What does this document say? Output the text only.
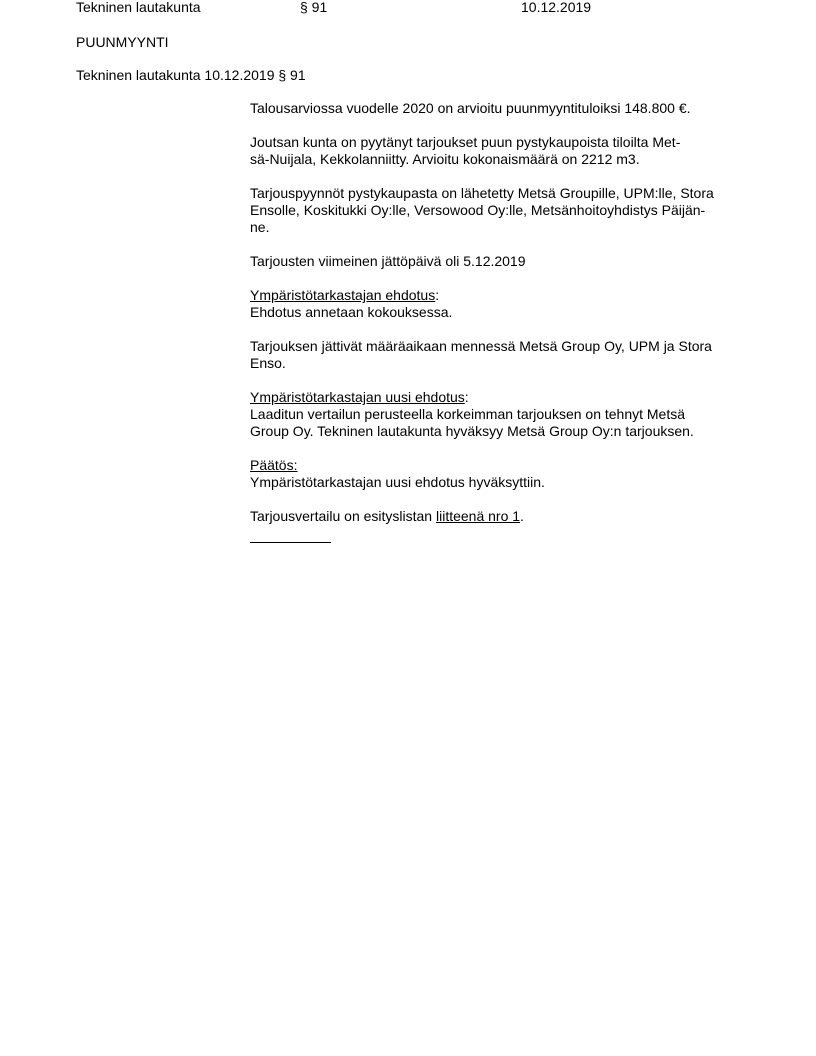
Tekninen lautakunta	§ 91	10.12.2019
PUUNMYYNTI
Tekninen lautakunta 10.12.2019 § 91

Talousarviossa vuodelle 2020 on arvioitu puunmyyntituloiksi 148.800 €.

Joutsan kunta on pyytänyt tarjoukset puun pystykaupoista tiloilta Met-
sä-Nuijala, Kekkolanniitty. Arvioitu kokonaismäärä on 2212 m3.

Tarjouspyynnöt pystykaupasta on lähetetty Metsä Groupille, UPM:lle, Stora
Ensolle, Koskitukki Oy:lle, Versowood Oy:lle, Metsänhoitoyhdistys Päijän-
ne.

Tarjousten viimeinen jättöpäivä oli 5.12.2019

Ympäristötarkastajan ehdotus:
Ehdotus annetaan kokouksessa.

Tarjouksen jättivät määräaikaan mennessä Metsä Group Oy, UPM ja Stora
Enso.

Ympäristötarkastajan uusi ehdotus:
Laaditun vertailun perusteella korkeimman tarjouksen on tehnyt Metsä
Group Oy. Tekninen lautakunta hyväksyy Metsä Group Oy:n tarjouksen.

Päätös:
Ympäristötarkastajan uusi ehdotus hyväksyttiin.

Tarjousvertailu on esityslistan liitteenä nro 1.
